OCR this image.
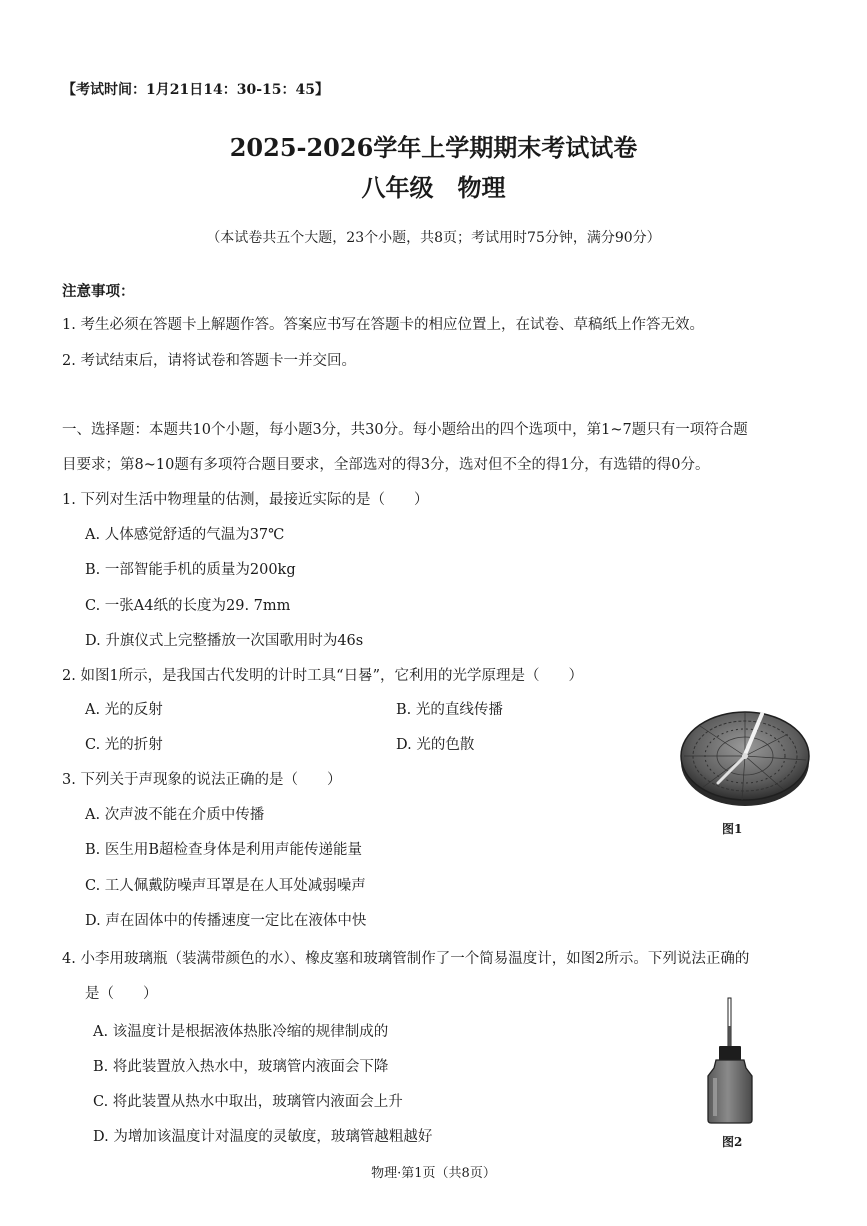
【考试时间：1月21日14：30-15：45】
2025-2026学年上学期期末考试试卷
八年级　物理
（本试卷共五个大题，23个小题，共8页；考试用时75分钟，满分90分）
注意事项：
1. 考生必须在答题卡上解题作答。答案应书写在答题卡的相应位置上，在试卷、草稿纸上作答无效。
2. 考试结束后，请将试卷和答题卡一并交回。
一、选择题：本题共10个小题，每小题3分，共30分。每小题给出的四个选项中，第1~7题只有一项符合题
目要求；第8~10题有多项符合题目要求，全部选对的得3分，选对但不全的得1分，有选错的得0分。
1. 下列对生活中物理量的估测，最接近实际的是（　　）
A. 人体感觉舒适的气温为37℃
B. 一部智能手机的质量为200kg
C. 一张A4纸的长度为29. 7mm
D. 升旗仪式上完整播放一次国歌用时为46s
2. 如图1所示，是我国古代发明的计时工具“日晷”，它利用的光学原理是（　　）
A. 光的反射	B. 光的直线传播
C. 光的折射	D. 光的色散
图1
3. 下列关于声现象的说法正确的是（　　）
A. 次声波不能在介质中传播
B. 医生用B超检查身体是利用声能传递能量
C. 工人佩戴防噪声耳罩是在人耳处减弱噪声
D. 声在固体中的传播速度一定比在液体中快
4. 小李用玻璃瓶（装满带颜色的水）、橡皮塞和玻璃管制作了一个简易温度计，如图2所示。下列说法正确的
是（　　）
A. 该温度计是根据液体热胀冷缩的规律制成的
B. 将此装置放入热水中，玻璃管内液面会下降
C. 将此装置从热水中取出，玻璃管内液面会上升
D. 为增加该温度计对温度的灵敏度，玻璃管越粗越好	图2
物理·第1页（共8页）
